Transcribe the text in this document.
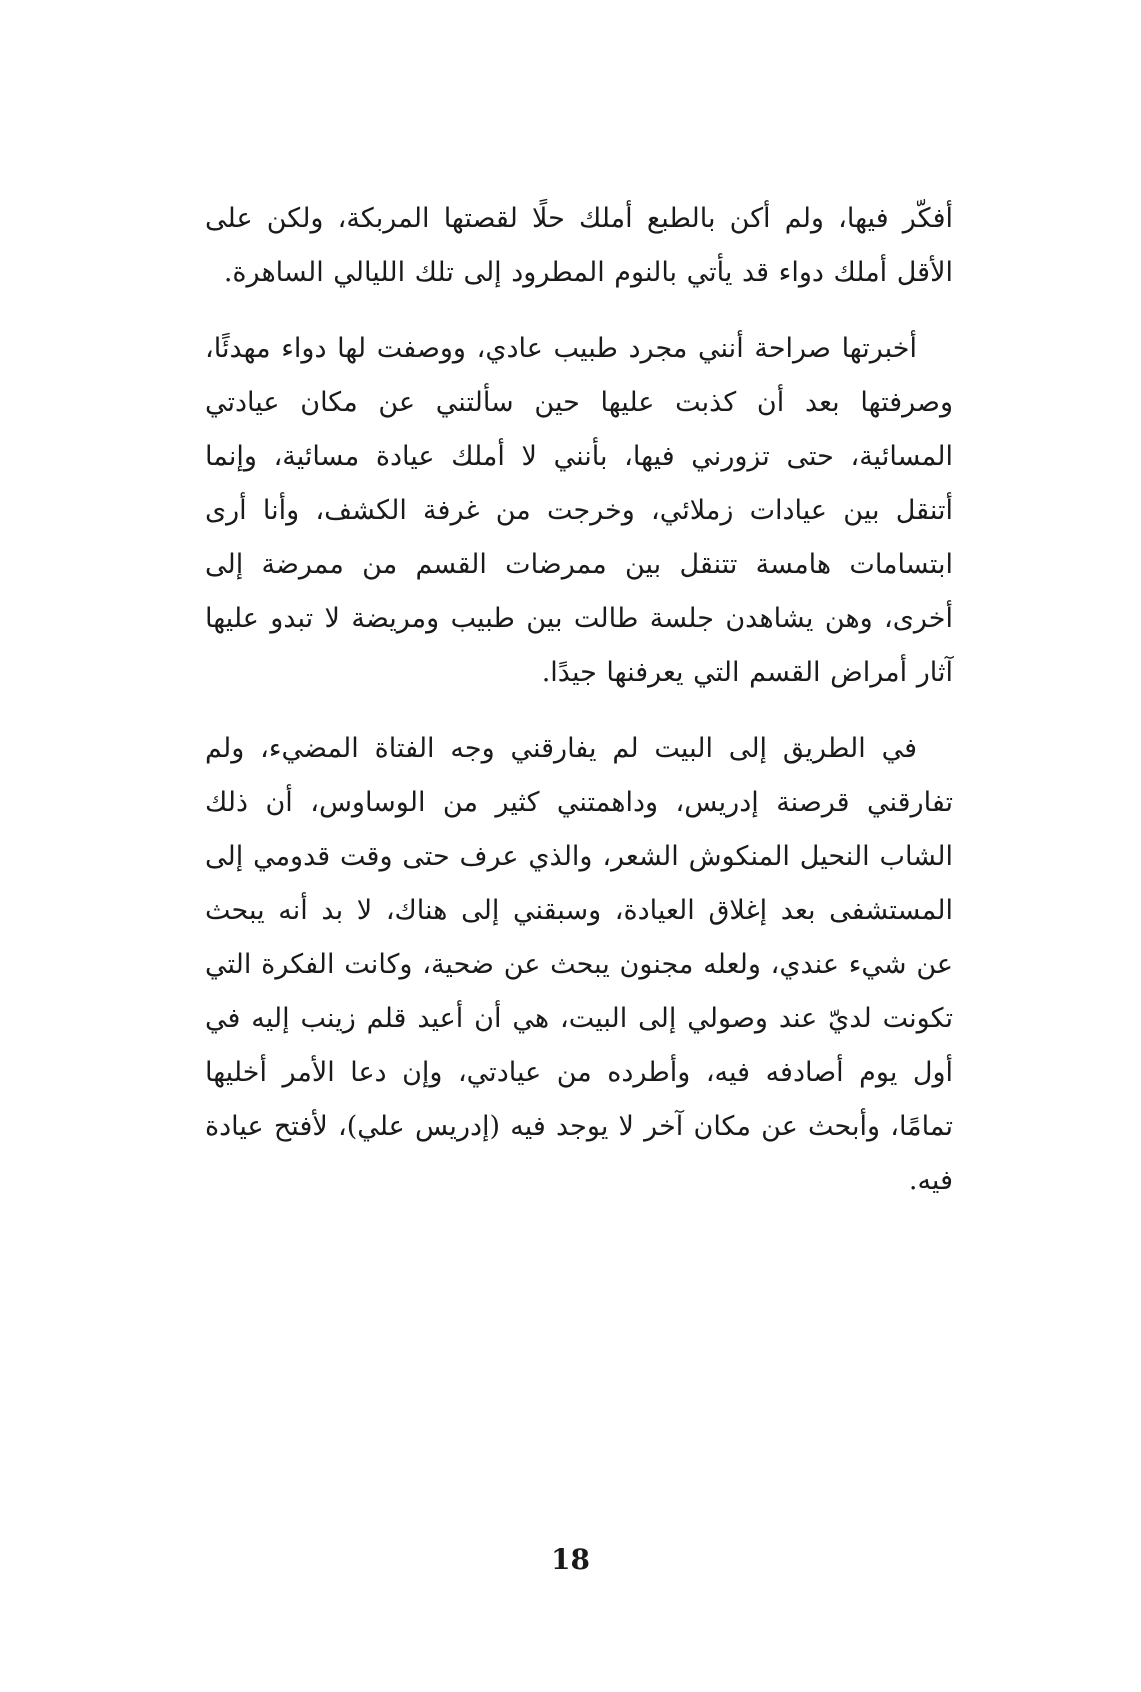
أفكّر فيها، ولم أكن بالطبع أملك حلًا لقصتها المربكة، ولكن على الأقل أملك دواء قد يأتي بالنوم المطرود إلى تلك الليالي الساهرة.

أخبرتها صراحة أنني مجرد طبيب عادي، ووصفت لها دواء مهدئًا، وصرفتها بعد أن كذبت عليها حين سألتني عن مكان عيادتي المسائية، حتى تزورني فيها، بأنني لا أملك عيادة مسائية، وإنما أتنقل بين عيادات زملائي، وخرجت من غرفة الكشف، وأنا أرى ابتسامات هامسة تتنقل بين ممرضات القسم من ممرضة إلى أخرى، وهن يشاهدن جلسة طالت بين طبيب ومريضة لا تبدو عليها آثار أمراض القسم التي يعرفنها جيدًا.

في الطريق إلى البيت لم يفارقني وجه الفتاة المضيء، ولم تفارقني قرصنة إدريس، وداهمتني كثير من الوساوس، أن ذلك الشاب النحيل المنكوش الشعر، والذي عرف حتى وقت قدومي إلى المستشفى بعد إغلاق العيادة، وسبقني إلى هناك، لا بد أنه يبحث عن شيء عندي، ولعله مجنون يبحث عن ضحية، وكانت الفكرة التي تكونت لديّ عند وصولي إلى البيت، هي أن أعيد قلم زينب إليه في أول يوم أصادفه فيه، وأطرده من عيادتي، وإن دعا الأمر أخليها تمامًا، وأبحث عن مكان آخر لا يوجد فيه (إدريس علي)، لأفتح عيادة فيه.

18
